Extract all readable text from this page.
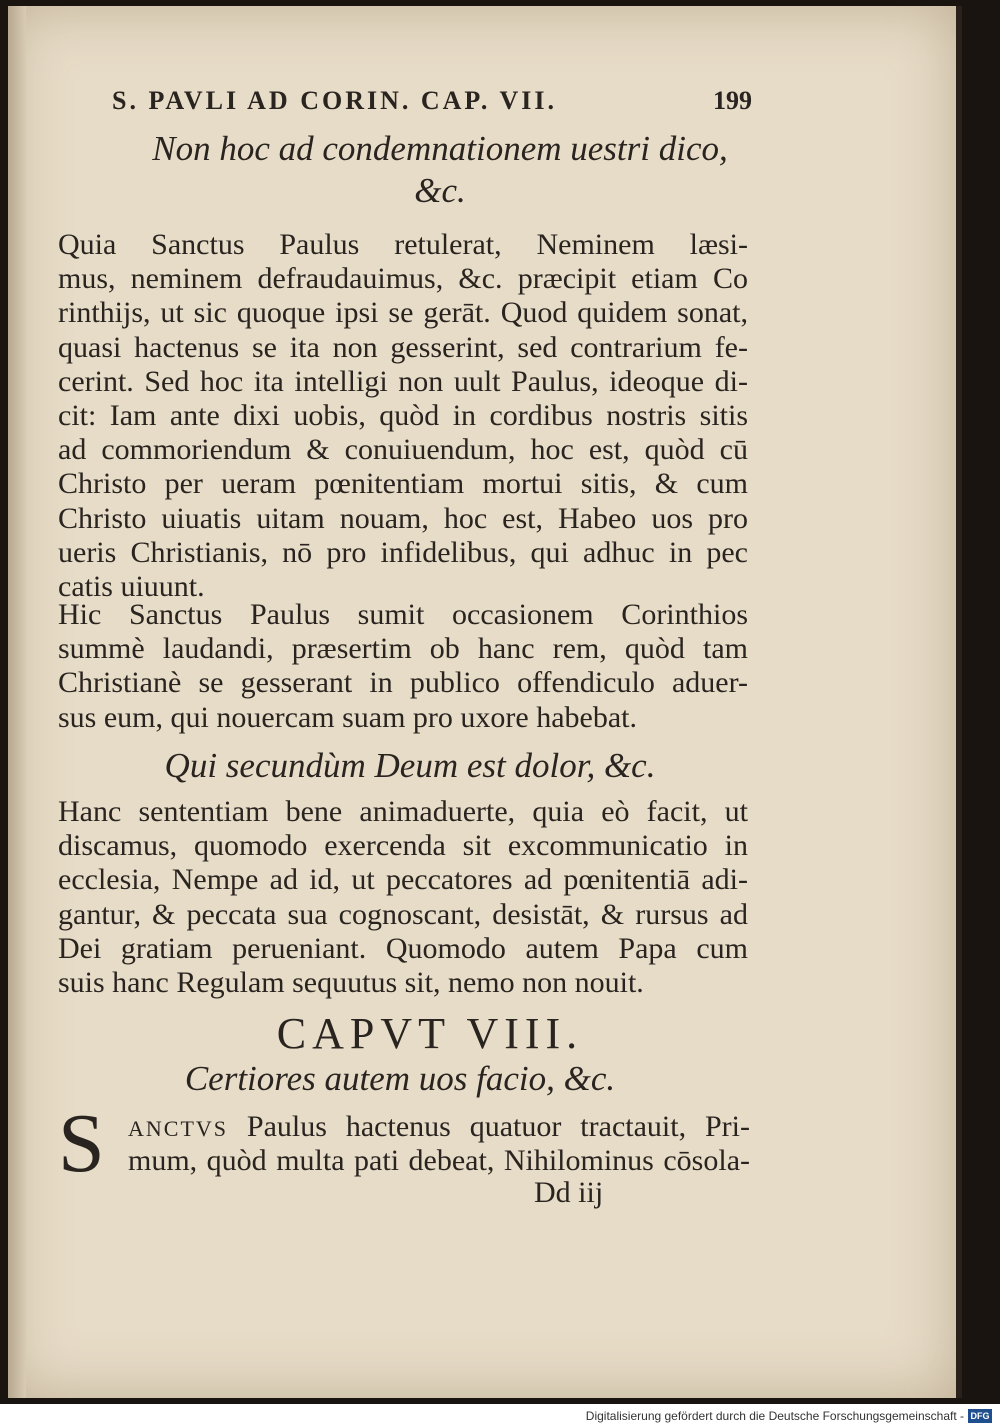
S. PAVLI AD CORIN. CAP. VII.	199
Non hoc ad condemnationem uestri dico, &c.
Quia Sanctus Paulus retulerat, Neminem læsi-
mus, neminem defraudauimus, &c. præcipit etiam Co
rinthijs, ut sic quoque ipsi se gerāt. Quod quidem sonat,
quasi hactenus se ita non gesserint, sed contrarium fe-
cerint. Sed hoc ita intelligi non uult Paulus, ideoque di-
cit: Iam ante dixi uobis, quòd in cordibus nostris sitis
ad commoriendum & conuiuendum, hoc est, quòd cū
Christo per ueram pœnitentiam mortui sitis, & cum
Christo uiuatis uitam nouam, hoc est, Habeo uos pro
ueris Christianis, nō pro infidelibus, qui adhuc in pec
catis uiuunt.
Hic Sanctus Paulus sumit occasionem Corinthios
summè laudandi, præsertim ob hanc rem, quòd tam
Christianè se gesserant in publico offendiculo aduer-
sus eum, qui nouercam suam pro uxore habebat.
Qui secundùm Deum est dolor, &c.
Hanc sententiam bene animaduerte, quia eò facit, ut
discamus, quomodo exercenda sit excommunicatio in
ecclesia, Nempe ad id, ut peccatores ad pœnitentiā adi-
gantur, & peccata sua cognoscant, desistāt, & rursus ad
Dei gratiam perueniant. Quomodo autem Papa cum
suis hanc Regulam sequutus sit, nemo non nouit.
CAPVT VIII.
Certiores autem uos facio, &c.
S ANCTVS Paulus hactenus quatuor tractauit, Pri-
mum, quòd multa pati debeat, Nihilominus cōsola-
Dd iij
Digitalisierung gefördert durch die Deutsche Forschungsgemeinschaft - DFG
